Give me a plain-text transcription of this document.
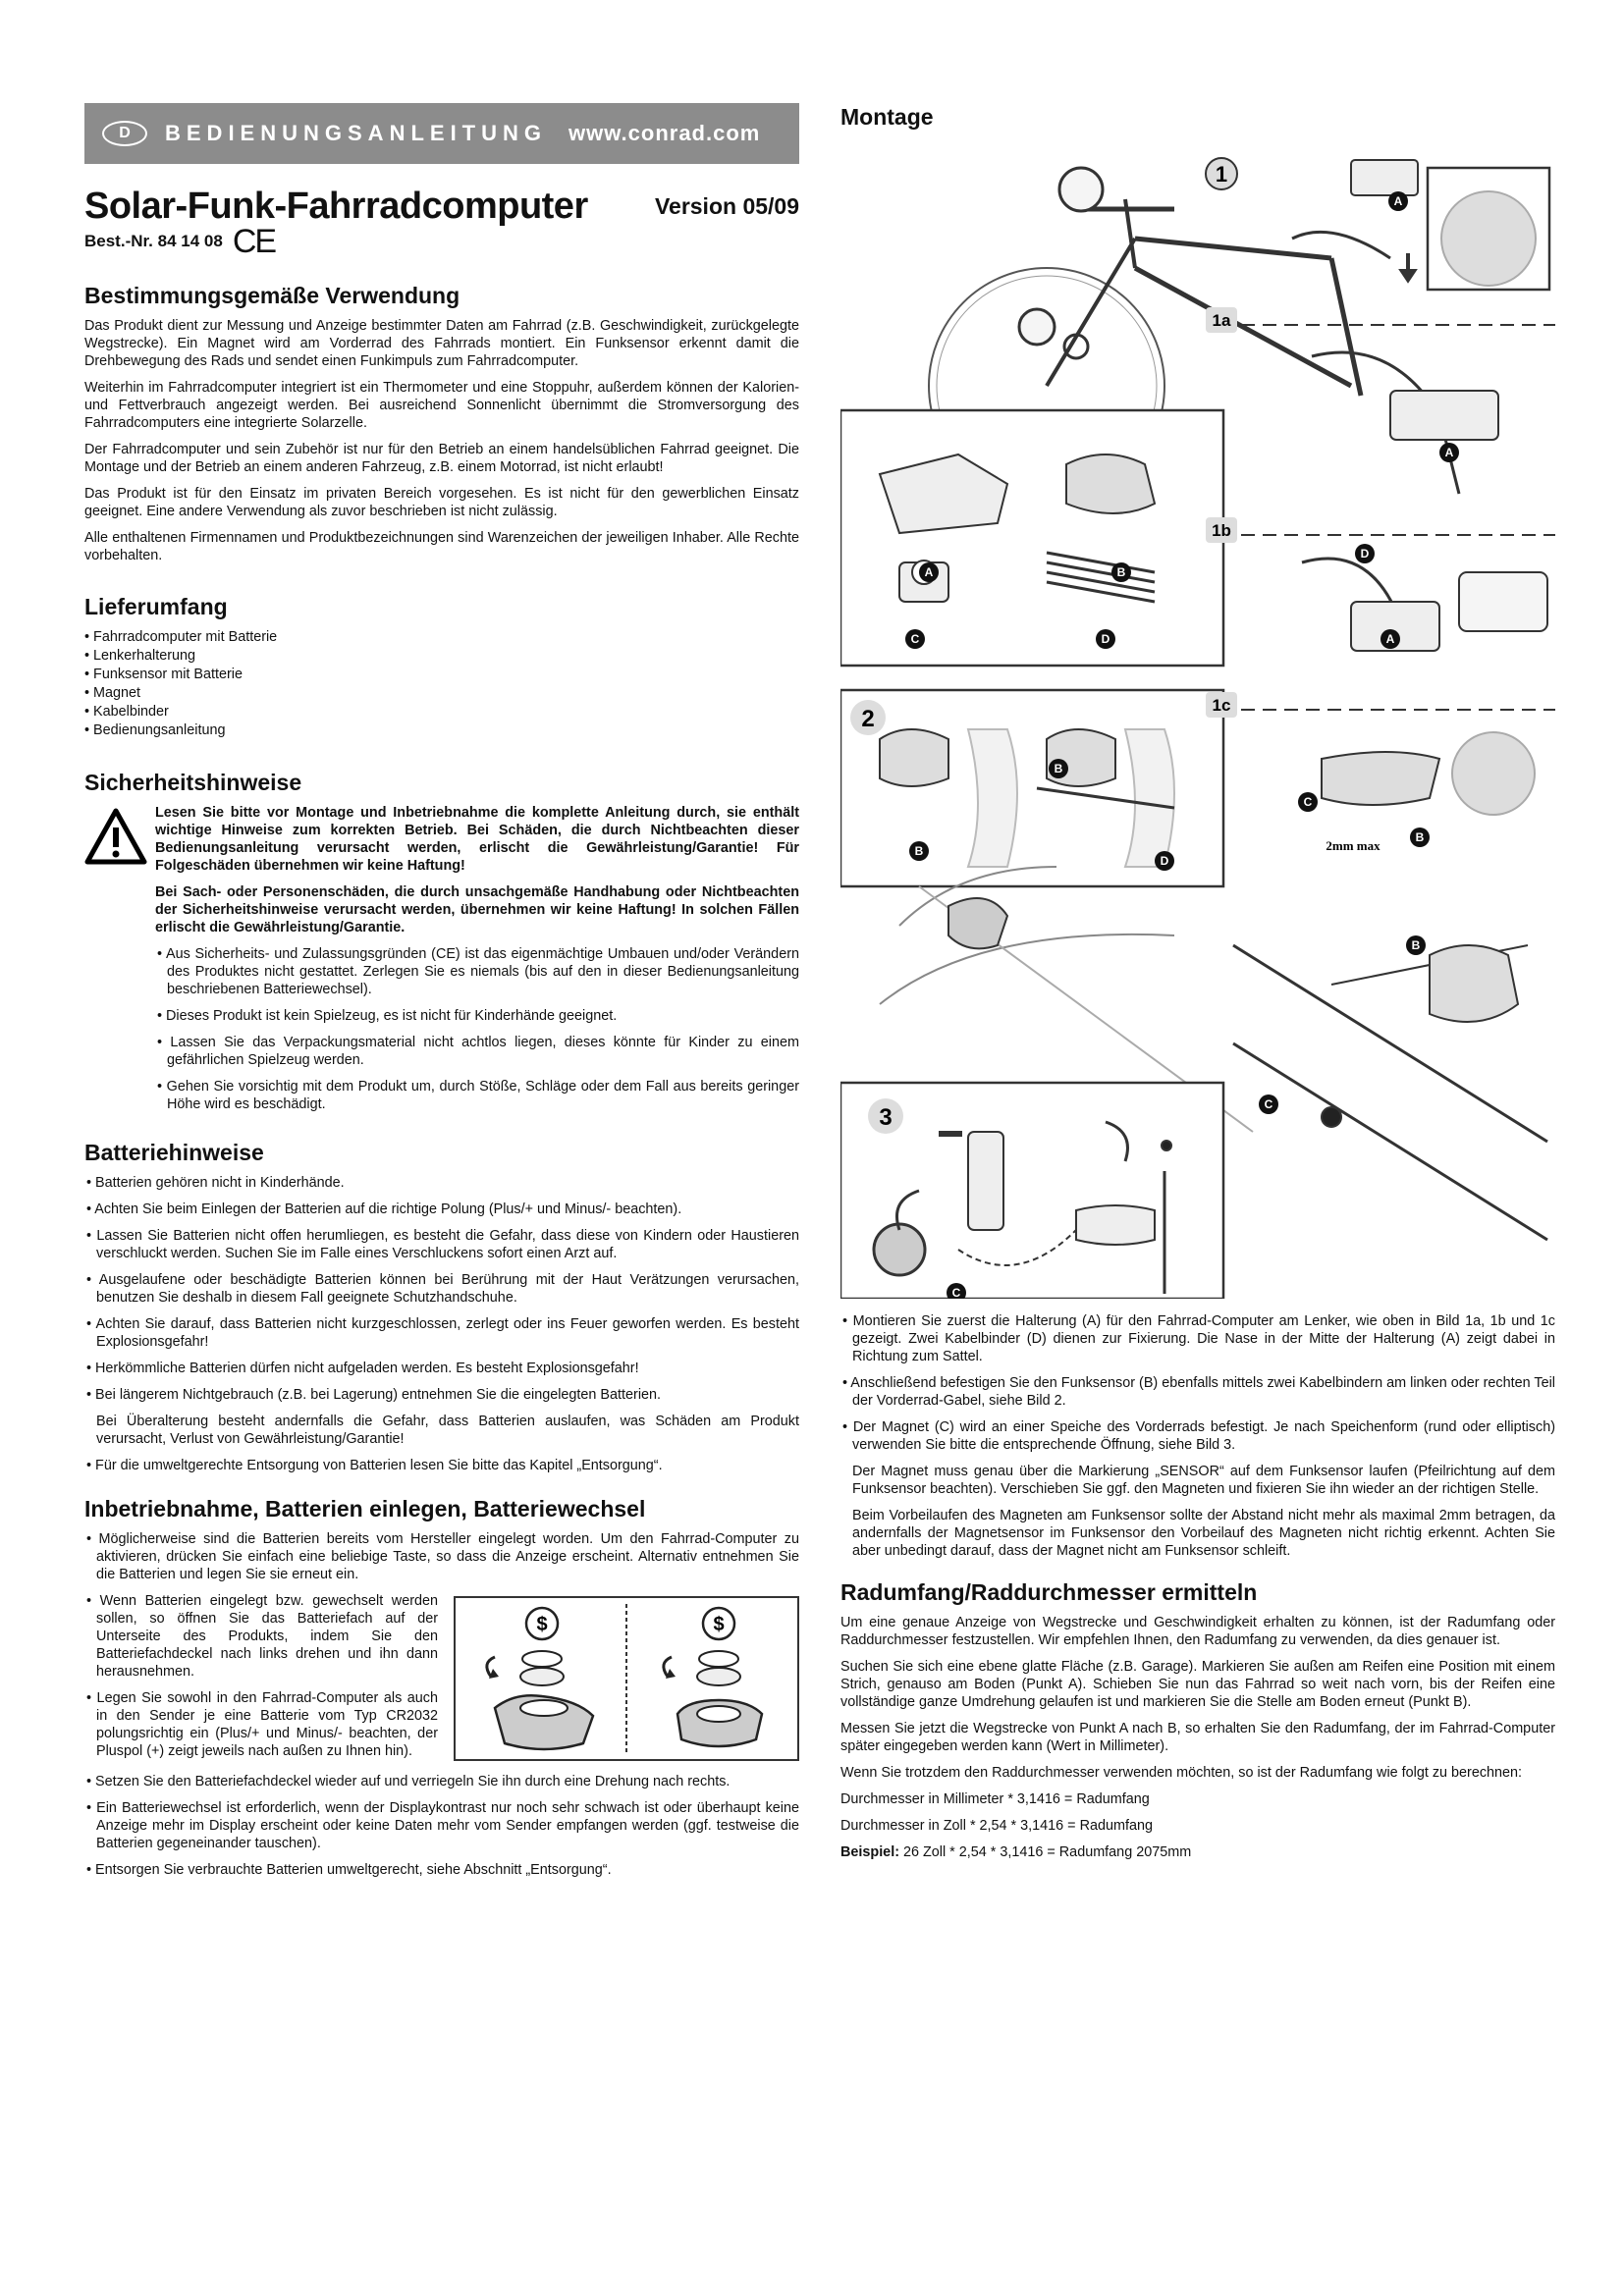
D	BEDIENUNGSANLEITUNG www.conrad.com
Solar-Funk-Fahrradcomputer
Best.-Nr. 84 14 08 CE
Version 05/09
Bestimmungsgemäße Verwendung

Das Produkt dient zur Messung und Anzeige bestimmter Daten am Fahrrad (z.B. Geschwindigkeit, zurückgelegte Wegstrecke). Ein Magnet wird am Vorderrad des Fahrrads montiert. Ein Funksensor erkennt damit die Drehbewegung des Rads und sendet einen Funkimpuls zum Fahrradcomputer.

Weiterhin im Fahrradcomputer integriert ist ein Thermometer und eine Stoppuhr, außerdem können der Kalorien- und Fettverbrauch angezeigt werden. Bei ausreichend Sonnenlicht übernimmt die Stromversorgung des Fahrradcomputers eine integrierte Solarzelle.

Der Fahrradcomputer und sein Zubehör ist nur für den Betrieb an einem handelsüblichen Fahrrad geeignet. Die Montage und der Betrieb an einem anderen Fahrzeug, z.B. einem Motorrad, ist nicht erlaubt!

Das Produkt ist für den Einsatz im privaten Bereich vorgesehen. Es ist nicht für den gewerblichen Einsatz geeignet. Eine andere Verwendung als zuvor beschrieben ist nicht zulässig.

Alle enthaltenen Firmennamen und Produktbezeichnungen sind Warenzeichen der jeweiligen Inhaber. Alle Rechte vorbehalten.

Lieferumfang
• Fahrradcomputer mit Batterie
• Lenkerhalterung
• Funksensor mit Batterie
• Magnet
• Kabelbinder
• Bedienungsanleitung
Sicherheitshinweise

Lesen Sie bitte vor Montage und Inbetriebnahme die komplette Anleitung durch, sie enthält wichtige Hinweise zum korrekten Betrieb. Bei Schäden, die durch Nichtbeachten dieser Bedienungsanleitung verursacht werden, erlischt die Gewährleistung/Garantie! Für Folgeschäden übernehmen wir keine Haftung!

Bei Sach- oder Personenschäden, die durch unsachgemäße Handhabung oder Nichtbeachten der Sicherheitshinweise verursacht werden, übernehmen wir keine Haftung! In solchen Fällen erlischt die Gewährleistung/Garantie.

• Aus Sicherheits- und Zulassungsgründen (CE) ist das eigenmächtige Umbauen und/oder Verändern des Produktes nicht gestattet. Zerlegen Sie es niemals (bis auf den in dieser Bedienungsanleitung beschriebenen Batteriewechsel).
• Dieses Produkt ist kein Spielzeug, es ist nicht für Kinderhände geeignet.
• Lassen Sie das Verpackungsmaterial nicht achtlos liegen, dieses könnte für Kinder zu einem gefährlichen Spielzeug werden.
• Gehen Sie vorsichtig mit dem Produkt um, durch Stöße, Schläge oder dem Fall aus bereits geringer Höhe wird es beschädigt.
Batteriehinweise
• Batterien gehören nicht in Kinderhände.
• Achten Sie beim Einlegen der Batterien auf die richtige Polung (Plus/+ und Minus/- beachten).
• Lassen Sie Batterien nicht offen herumliegen, es besteht die Gefahr, dass diese von Kindern oder Haustieren verschluckt werden. Suchen Sie im Falle eines Verschluckens sofort einen Arzt auf.
• Ausgelaufene oder beschädigte Batterien können bei Berührung mit der Haut Verätzungen verursachen, benutzen Sie deshalb in diesem Fall geeignete Schutzhandschuhe.
• Achten Sie darauf, dass Batterien nicht kurzgeschlossen, zerlegt oder ins Feuer geworfen werden. Es besteht Explosionsgefahr!
• Herkömmliche Batterien dürfen nicht aufgeladen werden. Es besteht Explosionsgefahr!
• Bei längerem Nichtgebrauch (z.B. bei Lagerung) entnehmen Sie die eingelegten Batterien.
Bei Überalterung besteht andernfalls die Gefahr, dass Batterien auslaufen, was Schäden am Produkt verursacht, Verlust von Gewährleistung/Garantie!
• Für die umweltgerechte Entsorgung von Batterien lesen Sie bitte das Kapitel „Entsorgung“.
Inbetriebnahme, Batterien einlegen, Batteriewechsel
• Möglicherweise sind die Batterien bereits vom Hersteller eingelegt worden. Um den Fahrrad-Computer zu aktivieren, drücken Sie einfach eine beliebige Taste, so dass die Anzeige erscheint. Alternativ entnehmen Sie die Batterien und legen Sie sie erneut ein.
• Wenn Batterien eingelegt bzw. gewechselt werden sollen, so öffnen Sie das Batteriefach auf der Unterseite des Produkts, indem Sie den Batteriefachdeckel nach links drehen und ihn dann herausnehmen.
• Legen Sie sowohl in den Fahrrad-Computer als auch in den Sender je eine Batterie vom Typ CR2032 polungsrichtig ein (Plus/+ und Minus/- beachten, der Pluspol (+) zeigt jeweils nach außen zu Ihnen hin).
$	$
• Setzen Sie den Batteriefachdeckel wieder auf und verriegeln Sie ihn durch eine Drehung nach rechts.
• Ein Batteriewechsel ist erforderlich, wenn der Displaykontrast nur noch sehr schwach ist oder überhaupt keine Anzeige mehr im Display erscheint oder keine Daten mehr vom Sender empfangen werden (ggf. testweise die Batterien gegeneinander tauschen).
• Entsorgen Sie verbrauchte Batterien umweltgerecht, siehe Abschnitt „Entsorgung“.
Montage
1
1a
1b
1c
2
3
2mm max
A
A
D
A
A	B
C	D
B
B
D
C
B
B
C
C
• Montieren Sie zuerst die Halterung (A) für den Fahrrad-Computer am Lenker, wie oben in Bild 1a, 1b und 1c gezeigt. Zwei Kabelbinder (D) dienen zur Fixierung. Die Nase in der Mitte der Halterung (A) zeigt dabei in Richtung zum Sattel.
• Anschließend befestigen Sie den Funksensor (B) ebenfalls mittels zwei Kabelbindern am linken oder rechten Teil der Vorderrad-Gabel, siehe Bild 2.
• Der Magnet (C) wird an einer Speiche des Vorderrads befestigt. Je nach Speichenform (rund oder elliptisch) verwenden Sie bitte die entsprechende Öffnung, siehe Bild 3.
Der Magnet muss genau über die Markierung „SENSOR“ auf dem Funksensor laufen (Pfeilrichtung auf dem Funksensor beachten). Verschieben Sie ggf. den Magneten und fixieren Sie ihn wieder an der richtigen Stelle.
Beim Vorbeilaufen des Magneten am Funksensor sollte der Abstand nicht mehr als maximal 2mm betragen, da andernfalls der Magnetsensor im Funksensor den Vorbeilauf des Magneten nicht richtig erkennt. Achten Sie aber unbedingt darauf, dass der Magnet nicht am Funksensor schleift.
Radumfang/Raddurchmesser ermitteln

Um eine genaue Anzeige von Wegstrecke und Geschwindigkeit erhalten zu können, ist der Radumfang oder Raddurchmesser festzustellen. Wir empfehlen Ihnen, den Radumfang zu verwenden, da dies genauer ist.

Suchen Sie sich eine ebene glatte Fläche (z.B. Garage). Markieren Sie außen am Reifen eine Position mit einem Strich, genauso am Boden (Punkt A). Schieben Sie nun das Fahrrad so weit nach vorn, bis der Reifen eine vollständige ganze Umdrehung gelaufen ist und markieren Sie die Stelle am Boden erneut (Punkt B).

Messen Sie jetzt die Wegstrecke von Punkt A nach B, so erhalten Sie den Radumfang, der im Fahrrad-Computer später eingegeben werden kann (Wert in Millimeter).

Wenn Sie trotzdem den Raddurchmesser verwenden möchten, so ist der Radumfang wie folgt zu berechnen:

Durchmesser in Millimeter * 3,1416 = Radumfang

Durchmesser in Zoll * 2,54 * 3,1416 = Radumfang

Beispiel: 26 Zoll * 2,54 * 3,1416 = Radumfang 2075mm
